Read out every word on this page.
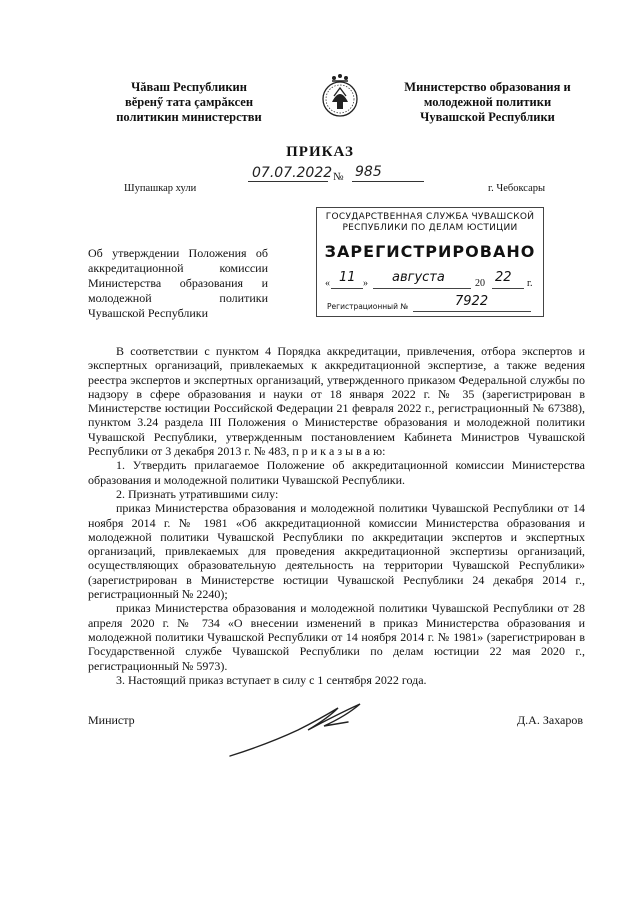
Чăваш Республикин
вĕренӳ тата çамрăксен
политикин министерстви
Министерство образования и
молодежной политики
Чувашской Республики
ПРИКАЗ
07.07.2022 № 985
Шупашкар хули	г. Чебоксары
ГОСУДАРСТВЕННАЯ СЛУЖБА ЧУВАШСКОЙ
РЕСПУБЛИКИ ПО ДЕЛАМ ЮСТИЦИИ
ЗАРЕГИСТРИРОВАНО
« 11 » августа	20 22 г.
Регистрационный №	7922
Об утверждении Положения об
аккредитационной комиссии
Министерства образования и
молодежной политики
Чувашской Республики

В соответствии с пунктом 4 Порядка аккредитации, привлечения, отбора экспертов и экспертных организаций, привлекаемых к аккредитационной экспертизе, а также ведения реестра экспертов и экспертных организаций, утвержденного приказом Федеральной службы по надзору в сфере образования и науки от 18 января 2022 г. № 35 (зарегистрирован в Министерстве юстиции Российской Федерации 21 февраля 2022 г., регистрационный № 67388), пунктом 3.24 раздела III Положения о Министерстве образования и молодежной политики Чувашской Республики, утвержденным постановлением Кабинета Министров Чувашской Республики от 3 декабря 2013 г. № 483, п р и к а з ы в а ю:

1. Утвердить прилагаемое Положение об аккредитационной комиссии Министерства образования и молодежной политики Чувашской Республики.

2. Признать утратившими силу:

приказ Министерства образования и молодежной политики Чувашской Республики от 14 ноября 2014 г. № 1981 «Об аккредитационной комиссии Министерства образования и молодежной политики Чувашской Республики по аккредитации экспертов и экспертных организаций, привлекаемых для проведения аккредитационной экспертизы организаций, осуществляющих образовательную деятельность на территории Чувашской Республики» (зарегистрирован в Министерстве юстиции Чувашской Республики 24 декабря 2014 г., регистрационный № 2240);

приказ Министерства образования и молодежной политики Чувашской Республики от 28 апреля 2020 г. № 734 «О внесении изменений в приказ Министерства образования и молодежной политики Чувашской Республики от 14 ноября 2014 г. № 1981» (зарегистрирован в Государственной службе Чувашской Республики по делам юстиции 22 мая 2020 г., регистрационный № 5973).

3. Настоящий приказ вступает в силу с 1 сентября 2022 года.

Министр	Д.А. Захаров
